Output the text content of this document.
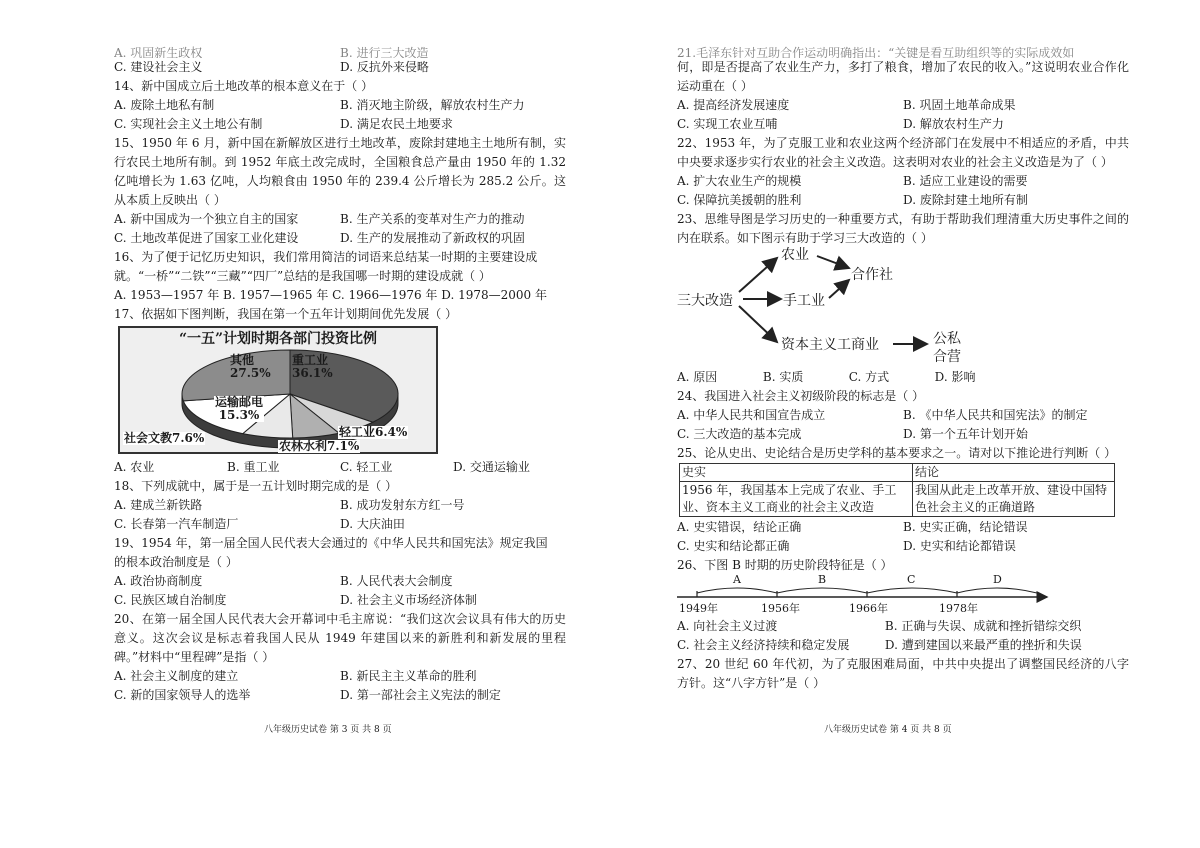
A. 巩固新生政权	B. 进行三大改造
C. 建设社会主义	D. 反抗外来侵略
14、新中国成立后土地改革的根本意义在于（ ）
A. 废除土地私有制	B. 消灭地主阶级，解放农村生产力
C. 实现社会主义土地公有制	D. 满足农民土地要求
15、1950 年 6 月，新中国在新解放区进行土地改革，废除封建地主土地所有制，实行农民土地所有制。到 1952 年底土改完成时，全国粮食总产量由 1950 年的 1.32 亿吨增长为 1.63 亿吨，人均粮食由 1950 年的 239.4 公斤增长为 285.2 公斤。这从本质上反映出（ ）
A. 新中国成为一个独立自主的国家	B. 生产关系的变革对生产力的推动
C. 土地改革促进了国家工业化建设	D. 生产的发展推动了新政权的巩固
16、为了便于记忆历史知识，我们常用简洁的词语来总结某一时期的主要建设成
就。“一桥”“二铁”“三藏”“四厂”总结的是我国哪一时期的建设成就（ ）
A. 1953—1957 年 B. 1957—1965 年 C. 1966—1976 年 D. 1978—2000 年
17、依据如下图判断，我国在第一个五年计划期间优先发展（ ）
“一五”计划时期各部门投资比例
其他
27.5%
重工业
36.1%
运输邮电
15.3%
社会文教7.6%	轻工业6.4%
农林水利7.1%
A. 农业	B. 重工业	C. 轻工业	D. 交通运输业
18、下列成就中，属于是一五计划时期完成的是（ ）
A. 建成兰新铁路	B. 成功发射东方红一号
C. 长春第一汽车制造厂	D. 大庆油田
19、1954 年，第一届全国人民代表大会通过的《中华人民共和国宪法》规定我国
的根本政治制度是（ ）
A. 政治协商制度	B. 人民代表大会制度
C. 民族区域自治制度	D. 社会主义市场经济体制
20、在第一届全国人民代表大会开幕词中毛主席说：“我们这次会议具有伟大的历史意义。这次会议是标志着我国人民从 1949 年建国以来的新胜利和新发展的里程碑。”材料中“里程碑”是指（ ）
A. 社会主义制度的建立	B. 新民主主义革命的胜利
C. 新的国家领导人的选举	D. 第一部社会主义宪法的制定
八年级历史试卷 第 3 页 共 8 页
21.毛泽东针对互助合作运动明确指出：“关键是看互助组织等的实际成效如
何，即是否提高了农业生产力，多打了粮食，增加了农民的收入。”这说明农业合作化运动重在（ ）
A. 提高经济发展速度	B. 巩固土地革命成果
C. 实现工农业互哺	D. 解放农村生产力
22、1953 年，为了克服工业和农业这两个经济部门在发展中不相适应的矛盾，中共中央要求逐步实行农业的社会主义改造。这表明对农业的社会主义改造是为了（ ）
A. 扩大农业生产的规模	B. 适应工业建设的需要
C. 保障抗美援朝的胜利	D. 废除封建土地所有制
23、思维导图是学习历史的一种重要方式，有助于帮助我们理清重大历史事件之间的内在联系。如下图示有助于学习三大改造的（ ）
三大改造
农业
手工业
资本主义工商业
合作社
公私
合营
A. 原因	B. 实质	C. 方式	D. 影响
24、我国进入社会主义初级阶段的标志是（ ）
A. 中华人民共和国宣告成立	B. 《中华人民共和国宪法》的制定
C. 三大改造的基本完成	D. 第一个五年计划开始
25、论从史出、史论结合是历史学科的基本要求之一。请对以下推论进行判断（ ）
史实	结论
1956 年，我国基本上完成了农业、手工业、资本主义工商业的社会主义改造	我国从此走上改革开放、建设中国特色社会主义的正确道路
A. 史实错误，结论正确	B. 史实正确，结论错误
C. 史实和结论都正确	D. 史实和结论都错误
26、下图 B 时期的历史阶段特征是（ ）
A	B	C	D
1949年	1956年	1966年	1978年
A. 向社会主义过渡	B. 正确与失误、成就和挫折错综交织
C. 社会主义经济持续和稳定发展	D. 遭到建国以来最严重的挫折和失误
27、20 世纪 60 年代初，为了克服困难局面，中共中央提出了调整国民经济的八字方针。这“八字方针”是（ ）
八年级历史试卷 第 4 页 共 8 页
